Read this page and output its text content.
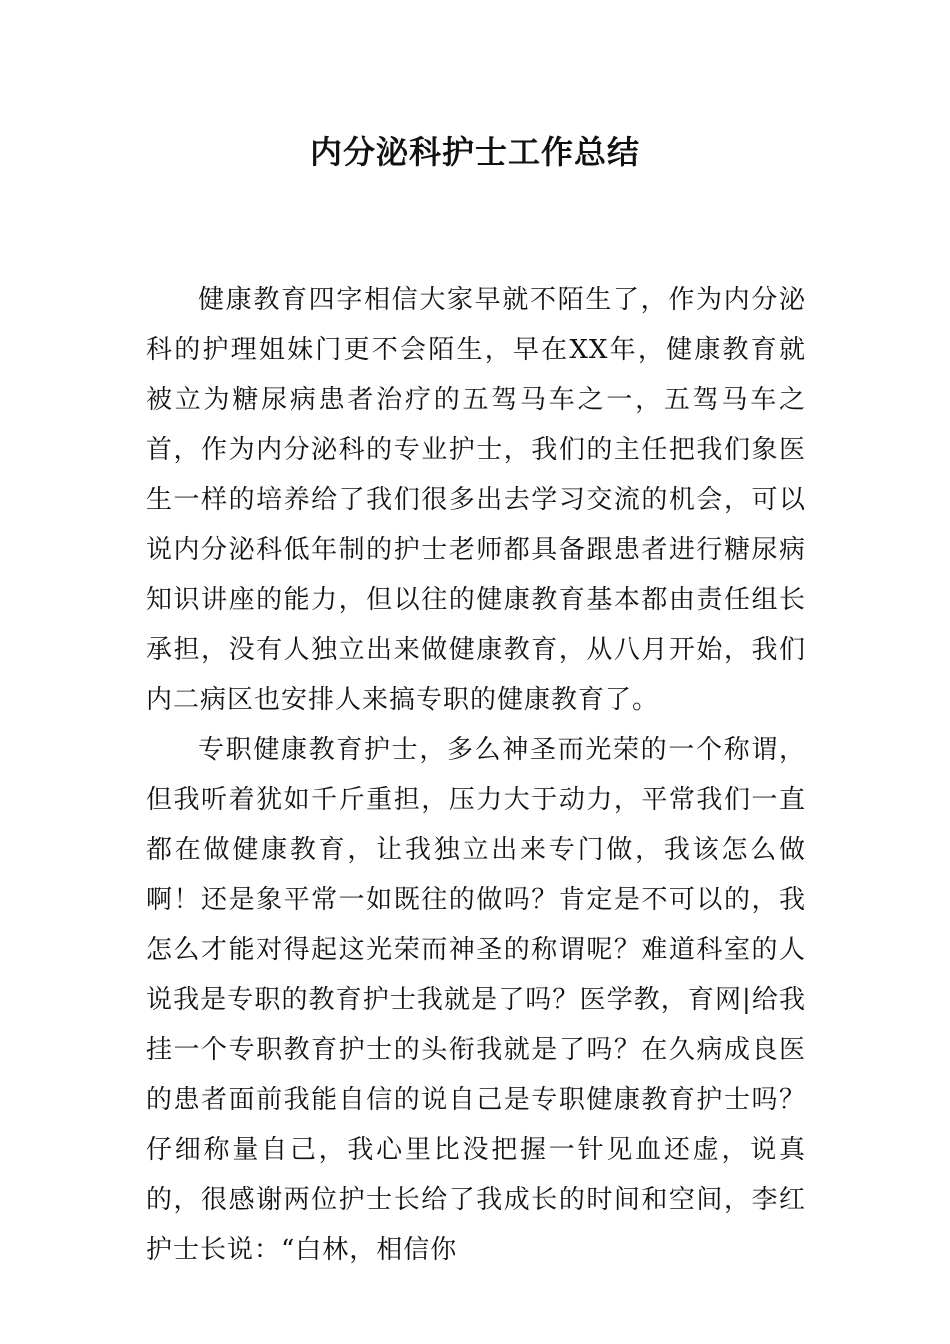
内分泌科护士工作总结

健康教育四字相信大家早就不陌生了，作为内分泌科的护理姐妹门更不会陌生，早在XX年，健康教育就被立为糖尿病患者治疗的五驾马车之一，五驾马车之首，作为内分泌科的专业护士，我们的主任把我们象医生一样的培养给了我们很多出去学习交流的机会，可以说内分泌科低年制的护士老师都具备跟患者进行糖尿病知识讲座的能力，但以往的健康教育基本都由责任组长承担，没有人独立出来做健康教育，从八月开始，我们内二病区也安排人来搞专职的健康教育了。

专职健康教育护士，多么神圣而光荣的一个称谓，但我听着犹如千斤重担，压力大于动力，平常我们一直都在做健康教育，让我独立出来专门做，我该怎么做啊！还是象平常一如既往的做吗？肯定是不可以的，我怎么才能对得起这光荣而神圣的称谓呢？难道科室的人说我是专职的教育护士我就是了吗？医学教，育网|给我挂一个专职教育护士的头衔我就是了吗？在久病成良医的患者面前我能自信的说自己是专职健康教育护士吗？仔细称量自己，我心里比没把握一针见血还虚，说真的，很感谢两位护士长给了我成长的时间和空间，李红护士长说：“白林，相信你
